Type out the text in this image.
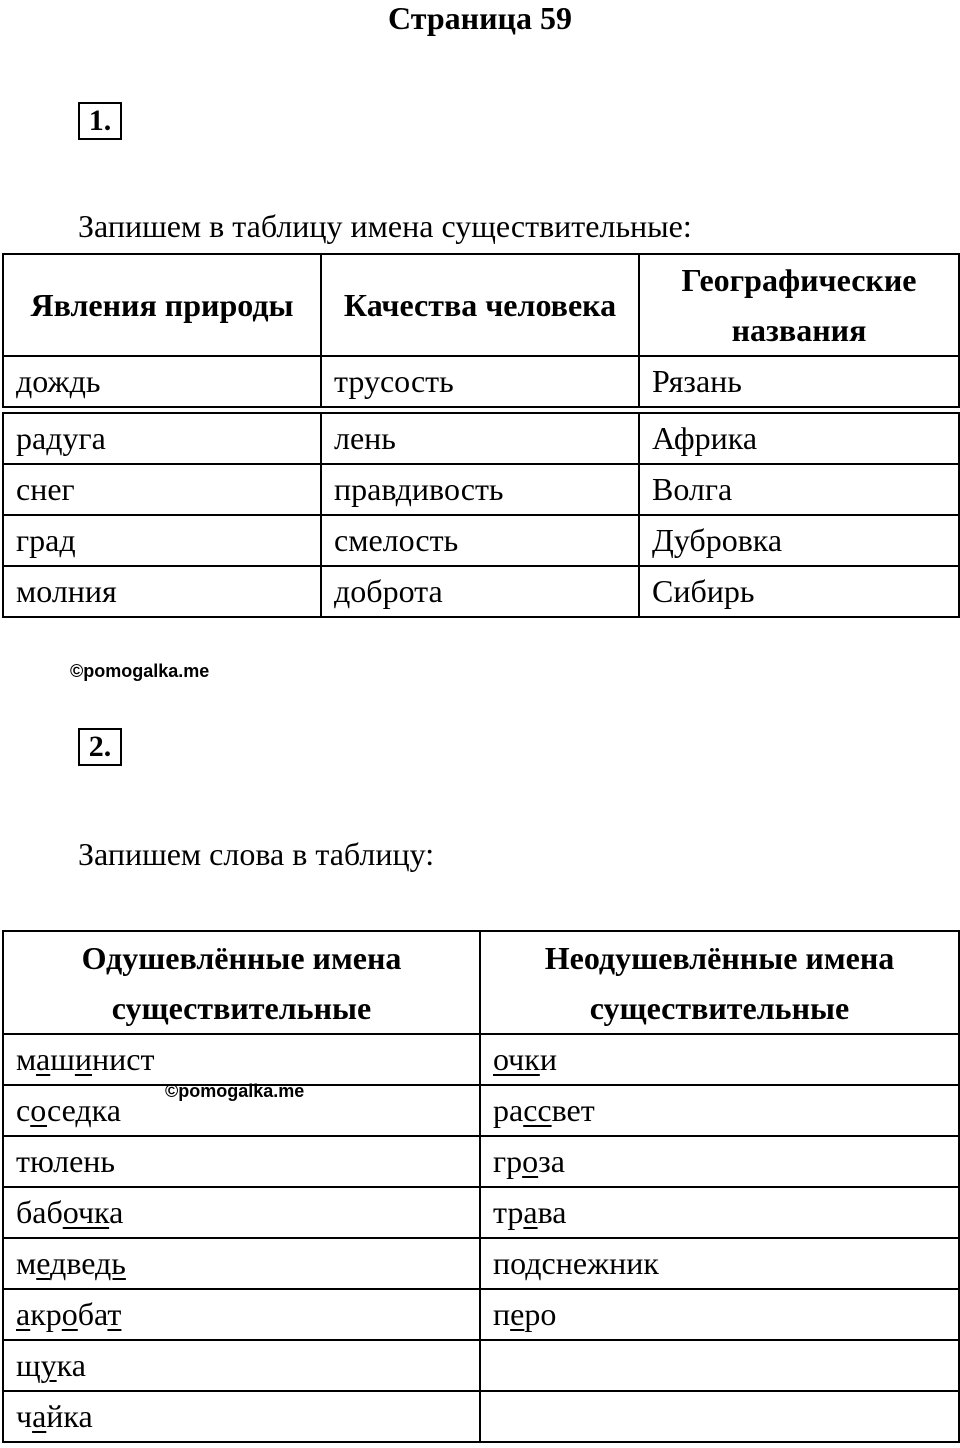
Страница 59
1.
Запишем в таблицу имена существительные:
Явления природы	Качества человека	Географические названия
дождь	трусость	Рязань
радуга	лень	Африка
снег	правдивость	Волга
град	смелость	Дубровка
молния	доброта	Сибирь
©pomogalka.me
2.
Запишем слова в таблицу:
Одушевлённые имена существительные	Неодушевлённые имена существительные
машинист	очки
соседка	рассвет
тюлень	гроза
бабочка	трава
медведь	подснежник
акробат	перо
щука	
чайка	
©pomogalka.me
